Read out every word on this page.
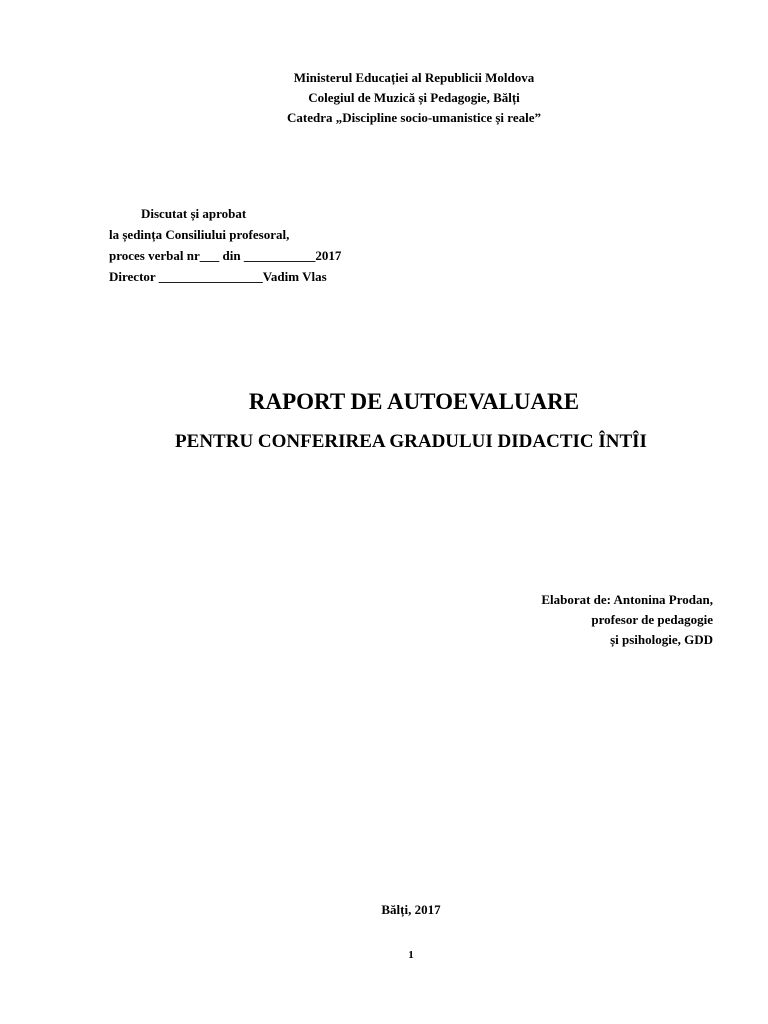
Ministerul Educației al Republicii Moldova
Colegiul de Muzică și Pedagogie, Bălți
Catedra „Discipline socio-umanistice și reale”
Discutat și aprobat
la ședința Consiliului profesoral,
proces verbal nr___ din ___________2017
Director ________________Vadim Vlas
RAPORT DE AUTOEVALUARE
PENTRU CONFERIREA GRADULUI DIDACTIC ÎNTÎI
Elaborat de: Antonina Prodan,
profesor de pedagogie
și psihologie, GDD
Bălți, 2017
1
